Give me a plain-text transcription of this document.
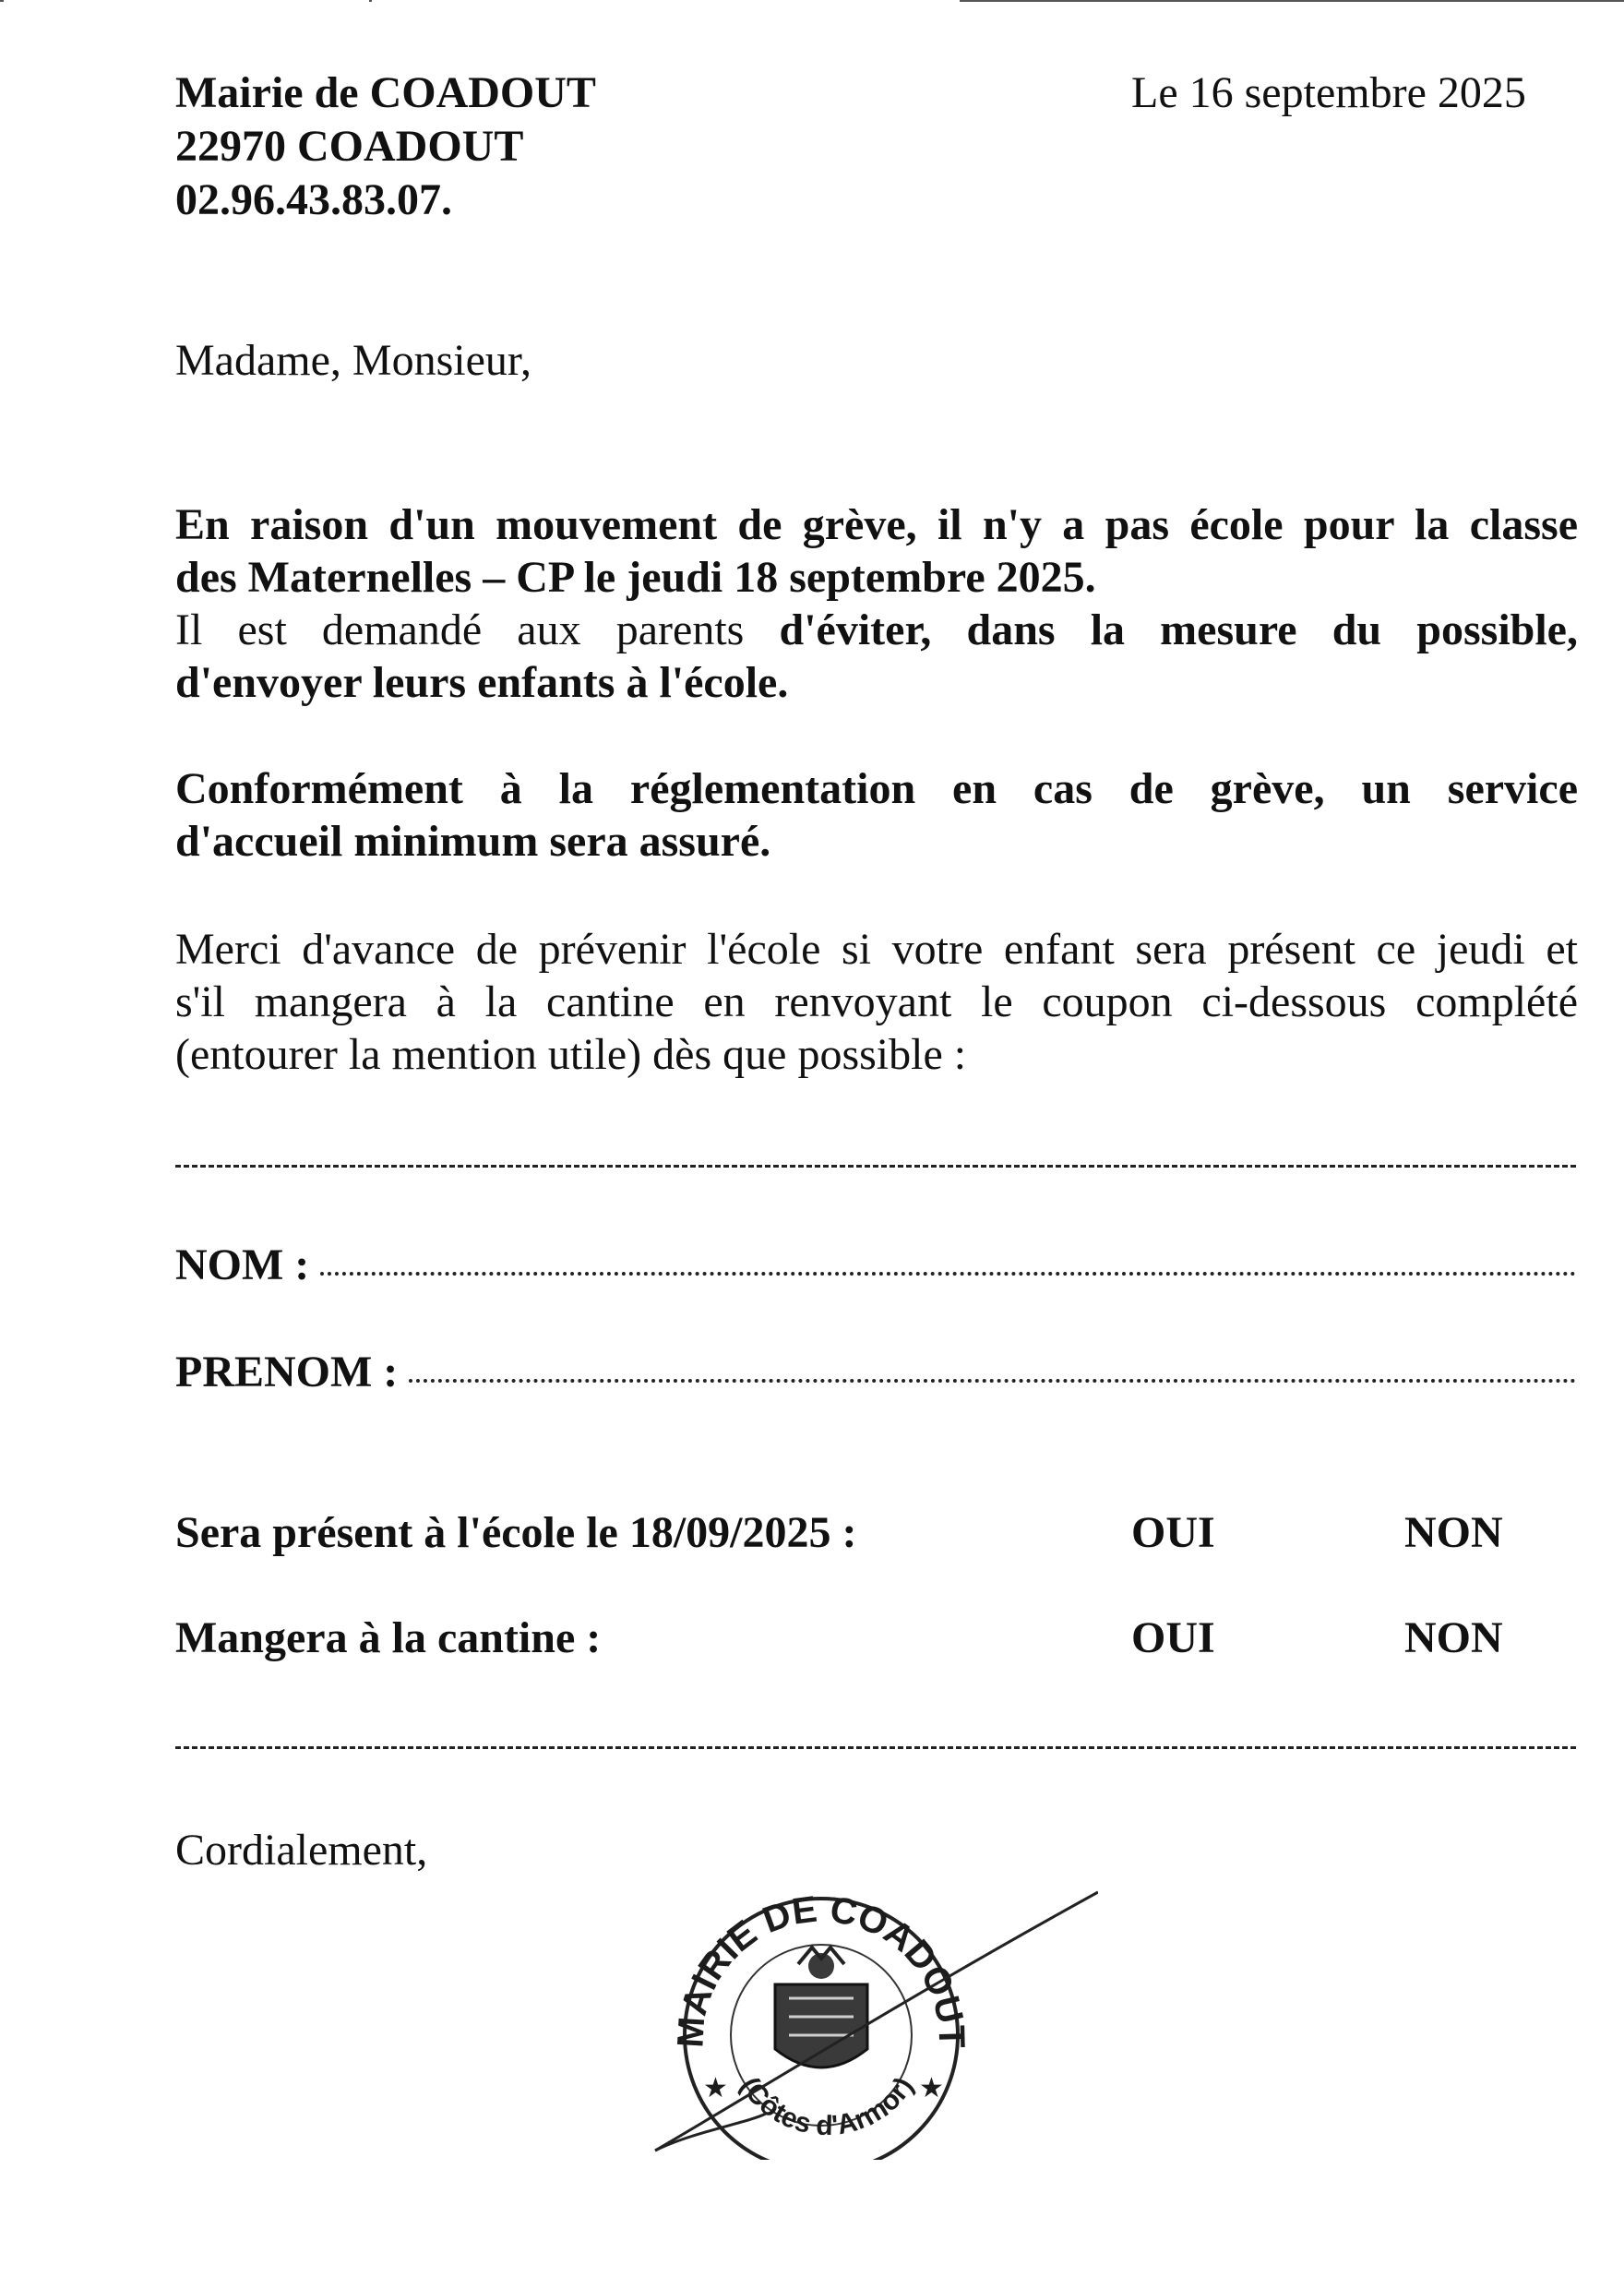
Mairie de COADOUT
22970 COADOUT
02.96.43.83.07.
Le 16 septembre 2025
Madame, Monsieur,
En raison d'un mouvement de grève, il n'y a pas école pour la classe
des Maternelles – CP le jeudi 18 septembre 2025.
Il est demandé aux parents d'éviter, dans la mesure du possible,
d'envoyer leurs enfants à l'école.
Conformément à la réglementation en cas de grève, un service
d'accueil minimum sera assuré.
Merci d'avance de prévenir l'école si votre enfant sera présent ce jeudi et
s'il mangera à la cantine en renvoyant le coupon ci-dessous complété
(entourer la mention utile) dès que possible :
NOM :
PRENOM :
Sera présent à l'école le 18/09/2025 :	OUI	NON
Mangera à la cantine :	OUI	NON
Cordialement,
MAIRIE DE COADOUT
(Côtes d'Armor)
★	★
